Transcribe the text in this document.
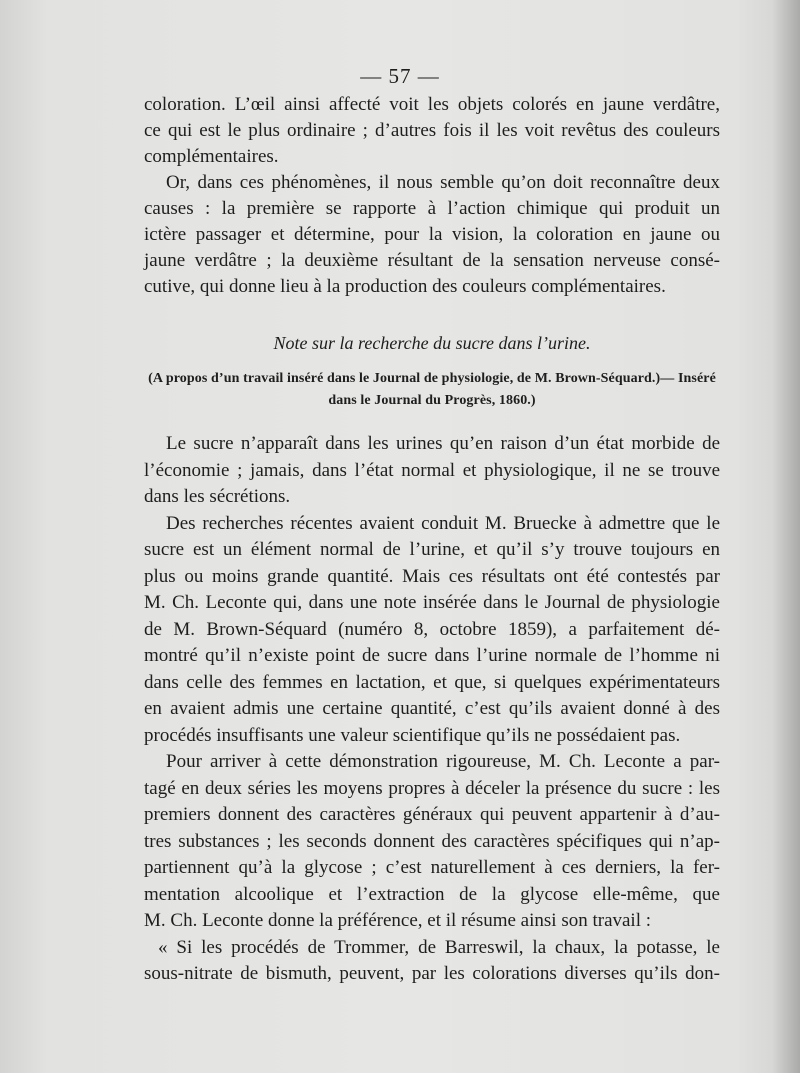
— 57 —
coloration. L’œil ainsi affecté voit les objets colorés en jaune verdâtre,
ce qui est le plus ordinaire ; d’autres fois il les voit revêtus des couleurs
complémentaires.
Or, dans ces phénomènes, il nous semble qu’on doit reconnaître deux
causes : la première se rapporte à l’action chimique qui produit un
ictère passager et détermine, pour la vision, la coloration en jaune ou
jaune verdâtre ; la deuxième résultant de la sensation nerveuse consé-
cutive, qui donne lieu à la production des couleurs complémentaires.
Note sur la recherche du sucre dans l’urine.
(A propos d’un travail inséré dans le Journal de physiologie, de M. Brown-Séquard.)— Inséré
dans le Journal du Progrès, 1860.)
Le sucre n’apparaît dans les urines qu’en raison d’un état morbide de
l’économie ; jamais, dans l’état normal et physiologique, il ne se trouve
dans les sécrétions.
Des recherches récentes avaient conduit M. Bruecke à admettre que le
sucre est un élément normal de l’urine, et qu’il s’y trouve toujours en
plus ou moins grande quantité. Mais ces résultats ont été contestés par
M. Ch. Leconte qui, dans une note insérée dans le Journal de physiologie
de M. Brown-Séquard (numéro 8, octobre 1859), a parfaitement dé-
montré qu’il n’existe point de sucre dans l’urine normale de l’homme ni
dans celle des femmes en lactation, et que, si quelques expérimentateurs
en avaient admis une certaine quantité, c’est qu’ils avaient donné à des
procédés insuffisants une valeur scientifique qu’ils ne possédaient pas.
Pour arriver à cette démonstration rigoureuse, M. Ch. Leconte a par-
tagé en deux séries les moyens propres à déceler la présence du sucre : les
premiers donnent des caractères généraux qui peuvent appartenir à d’au-
tres substances ; les seconds donnent des caractères spécifiques qui n’ap-
partiennent qu’à la glycose ; c’est naturellement à ces derniers, la fer-
mentation alcoolique et l’extraction de la glycose elle-même, que
M. Ch. Leconte donne la préférence, et il résume ainsi son travail :
« Si les procédés de Trommer, de Barreswil, la chaux, la potasse, le
sous-nitrate de bismuth, peuvent, par les colorations diverses qu’ils don-
